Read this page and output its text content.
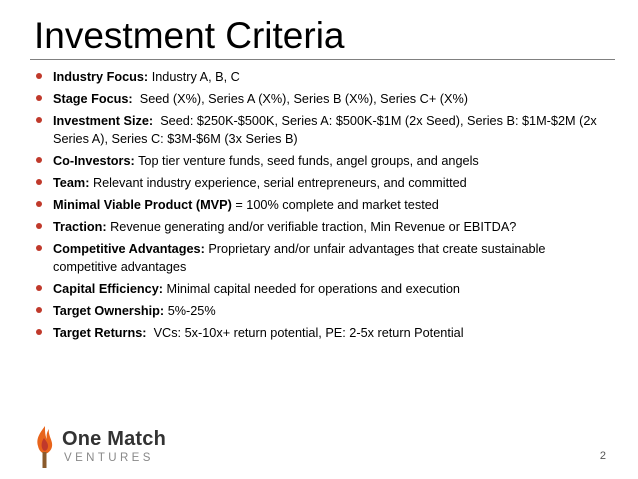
Investment Criteria
Industry Focus: Industry A, B, C
Stage Focus: Seed (X%), Series A (X%), Series B (X%), Series C+ (X%)
Investment Size: Seed: $250K-$500K, Series A: $500K-$1M (2x Seed), Series B: $1M-$2M (2x Series A), Series C: $3M-$6M (3x Series B)
Co-Investors: Top tier venture funds, seed funds, angel groups, and angels
Team: Relevant industry experience, serial entrepreneurs, and committed
Minimal Viable Product (MVP) = 100% complete and market tested
Traction: Revenue generating and/or verifiable traction, Min Revenue or EBITDA?
Competitive Advantages: Proprietary and/or unfair advantages that create sustainable competitive advantages
Capital Efficiency: Minimal capital needed for operations and execution
Target Ownership: 5%-25%
Target Returns: VCs: 5x-10x+ return potential, PE: 2-5x return Potential
One Match
VENTURES	2
